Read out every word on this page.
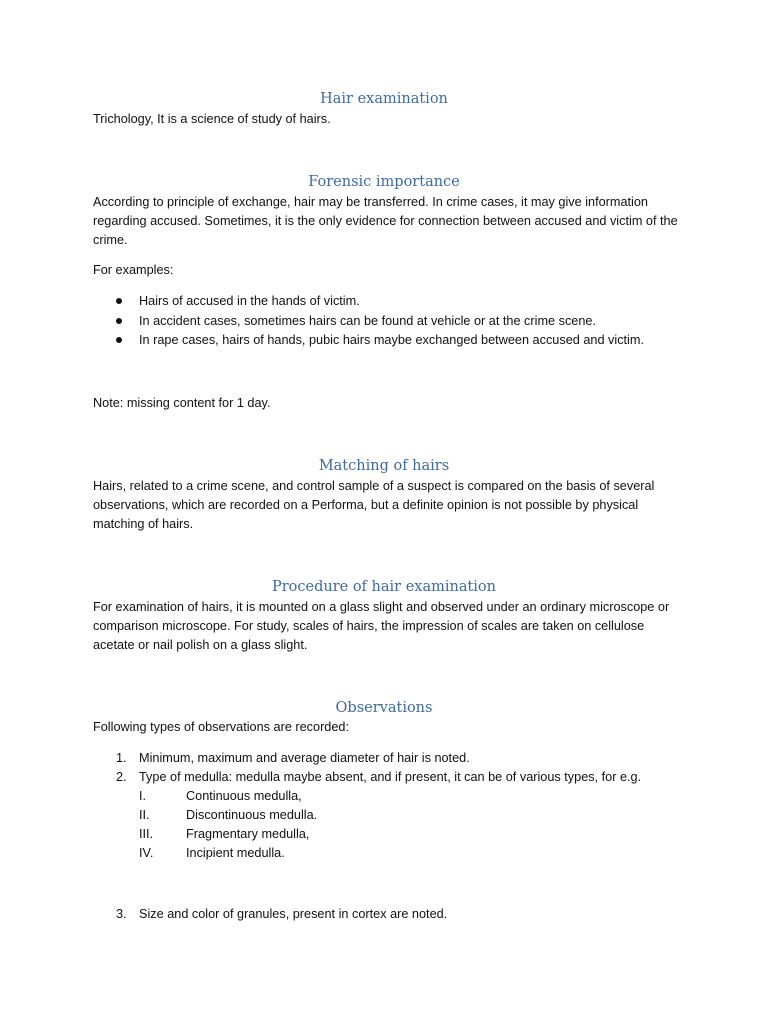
Hair examination

Trichology, It is a science of study of hairs.

Forensic importance

According to principle of exchange, hair may be transferred. In crime cases, it may give information regarding accused. Sometimes, it is the only evidence for connection between accused and victim of the crime.

For examples:

Hairs of accused in the hands of victim.
In accident cases, sometimes hairs can be found at vehicle or at the crime scene.
In rape cases, hairs of hands, pubic hairs maybe exchanged between accused and victim.

Note: missing content for 1 day.

Matching of hairs

Hairs, related to a crime scene, and control sample of a suspect is compared on the basis of several observations, which are recorded on a Performa, but a definite opinion is not possible by physical matching of hairs.

Procedure of hair examination

For examination of hairs, it is mounted on a glass slight and observed under an ordinary microscope or comparison microscope. For study, scales of hairs, the impression of scales are taken on cellulose acetate or nail polish on a glass slight.

Observations

Following types of observations are recorded:

1. Minimum, maximum and average diameter of hair is noted.
2. Type of medulla: medulla maybe absent, and if present, it can be of various types, for e.g.
I.	Continuous medulla,
II.	Discontinuous medulla.
III.	Fragmentary medulla,
IV.	Incipient medulla.
3. Size and color of granules, present in cortex are noted.
